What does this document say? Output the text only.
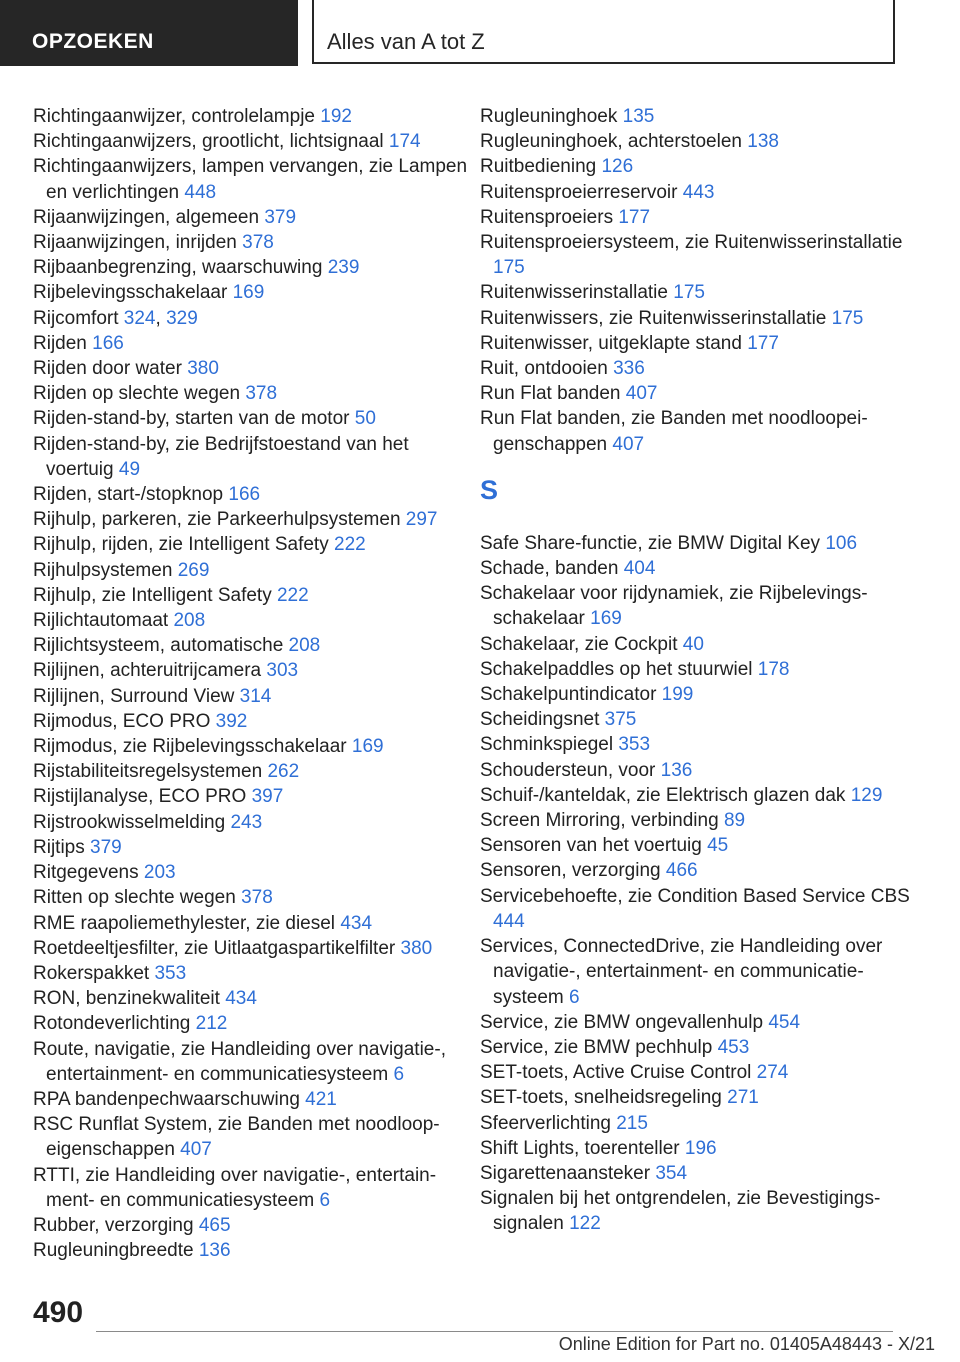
OPZOEKEN	Alles van A tot Z
Richtingaanwijzer, controlelampje 192
Richtingaanwijzers, grootlicht, lichtsignaal 174
Richtingaanwijzers, lampen vervangen, zie Lampen en verlichtingen 448
Rijaanwijzingen, algemeen 379
Rijaanwijzingen, inrijden 378
Rijbaanbegrenzing, waarschuwing 239
Rijbelevingsschakelaar 169
Rijcomfort 324, 329
Rijden 166
Rijden door water 380
Rijden op slechte wegen 378
Rijden-stand-by, starten van de motor 50
Rijden-stand-by, zie Bedrijfstoestand van het voertuig 49
Rijden, start-/stopknop 166
Rijhulp, parkeren, zie Parkeerhulpsystemen 297
Rijhulp, rijden, zie Intelligent Safety 222
Rijhulpsystemen 269
Rijhulp, zie Intelligent Safety 222
Rijlichtautomaat 208
Rijlichtsysteem, automatische 208
Rijlijnen, achteruitrijcamera 303
Rijlijnen, Surround View 314
Rijmodus, ECO PRO 392
Rijmodus, zie Rijbelevingsschakelaar 169
Rijstabiliteitsregelsystemen 262
Rijstijlanalyse, ECO PRO 397
Rijstrookwisselmelding 243
Rijtips 379
Ritgegevens 203
Ritten op slechte wegen 378
RME raapoliemethylester, zie diesel 434
Roetdeeltjesfilter, zie Uitlaatgaspartikelfilter 380
Rokerspakket 353
RON, benzinekwaliteit 434
Rotondeverlichting 212
Route, navigatie, zie Handleiding over navigatie-, entertainment- en communicatiesysteem 6
RPA bandenpechwaarschuwing 421
RSC Runflat System, zie Banden met noodloopeigenschappen 407
RTTI, zie Handleiding over navigatie-, entertainment- en communicatiesysteem 6
Rubber, verzorging 465
Rugleuningbreedte 136
Rugleuninghoek 135
Rugleuninghoek, achterstoelen 138
Ruitbediening 126
Ruitensproeierreservoir 443
Ruitensproeiers 177
Ruitensproeiersysteem, zie Ruitenwisserinstallatie 175
Ruitenwisserinstallatie 175
Ruitenwissers, zie Ruitenwisserinstallatie 175
Ruitenwisser, uitgeklapte stand 177
Ruit, ontdooien 336
Run Flat banden 407
Run Flat banden, zie Banden met noodloopeigenschappen 407
S
Safe Share-functie, zie BMW Digital Key 106
Schade, banden 404
Schakelaar voor rijdynamiek, zie Rijbelevingsschakelaar 169
Schakelaar, zie Cockpit 40
Schakelpaddles op het stuurwiel 178
Schakelpuntindicator 199
Scheidingsnet 375
Schminkspiegel 353
Schoudersteun, voor 136
Schuif-/kanteldak, zie Elektrisch glazen dak 129
Screen Mirroring, verbinding 89
Sensoren van het voertuig 45
Sensoren, verzorging 466
Servicebehoefte, zie Condition Based Service CBS 444
Services, ConnectedDrive, zie Handleiding over navigatie-, entertainment- en communicatiesysteem 6
Service, zie BMW ongevallenhulp 454
Service, zie BMW pechhulp 453
SET-toets, Active Cruise Control 274
SET-toets, snelheidsregeling 271
Sfeerverlichting 215
Shift Lights, toerenteller 196
Sigarettenaansteker 354
Signalen bij het ontgrendelen, zie Bevestigingssignalen 122
490
Online Edition for Part no. 01405A48443 - X/21
